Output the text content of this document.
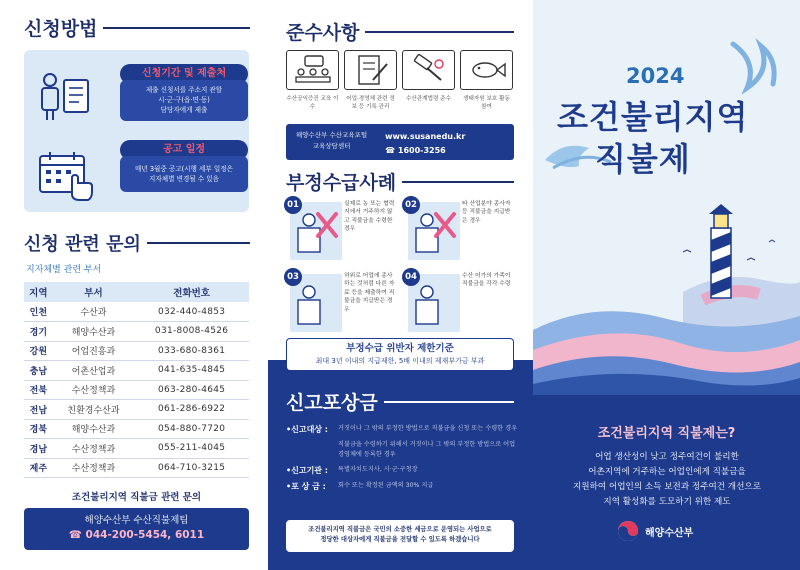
신청방법
신청기간 및 제출처
제출 신청서를 주소지 관할
시·군·구(읍·면·동)
담당자에게 제출
공고 일정
매년 3월중 공고(시행 세부 일정은
지자체별 변경될 수 있음
신청 관련 문의
지자체별 관련 부서
지역	부서	전화번호
인천	수산과	032-440-4853
경기	해양수산과	031-8008-4526
강원	어업진흥과	033-680-8361
충남	어촌산업과	041-635-4845
전북	수산정책과	063-280-4645
전남	친환경수산과	061-286-6922
경북	해양수산과	054-880-7720
경남	수산정책과	055-211-4045
제주	수산정책과	064-710-3215
조건불리지역 직불금 관련 문의
해양수산부 수산직불제팀
☎ 044-200-5454, 6011
준수사항
수산공익증진 교육 이수
어업·경영체 관련 정보 등 기록 관리
수산관계법령 준수	생태자원 보호 활동 참여
해양수산부 수산교육포털
교육상담센터
www.susanedu.kr
☎ 1600-3256
부정수급사례
01	실제로 농 또는 협력지에서 거주하지 않고 직불금을 수령한 경우
02	타 산업분야 종사자 등 직불금을 지급받은 경우
03	허위로 어업에 종사하는 것처럼 다른 자료 등을 제출하여 직불금을 지급받은 경우
04	수산 어가의 가족이 직불금을 각각 수령
부정수급 위반자 제한기준
최대 3년 이내의 지급제한, 5배 이내의 제재부가금 부과
신고포상금
•신고대상 :	거짓이나 그 밖의 부정한 방법으로 직불금을 신청 또는 수령한 경우
직불금을 수령하기 위해서 거짓이나 그 밖의 부정한 방법으로 어업경영체에 등록한 경우
•신고기관 :	특별자치도지사, 시·군·구청장
•포 상 금 :	회수 또는 확정된 금액의 30% 지급
조건불리지역 직불금은 국민의 소중한 세금으로 운영되는 사업으로
정당한 대상자에게 직불금을 전달할 수 있도록 하겠습니다
2024
조건불리지역
직불제
조건불리지역 직불제는?
어업 생산성이 낮고 정주여건이 불리한
어촌지역에 거주하는 어업인에게 직불금을
지원하여 어업인의 소득 보전과 정주여건 개선으로
지역 활성화를 도모하기 위한 제도
해양수산부
